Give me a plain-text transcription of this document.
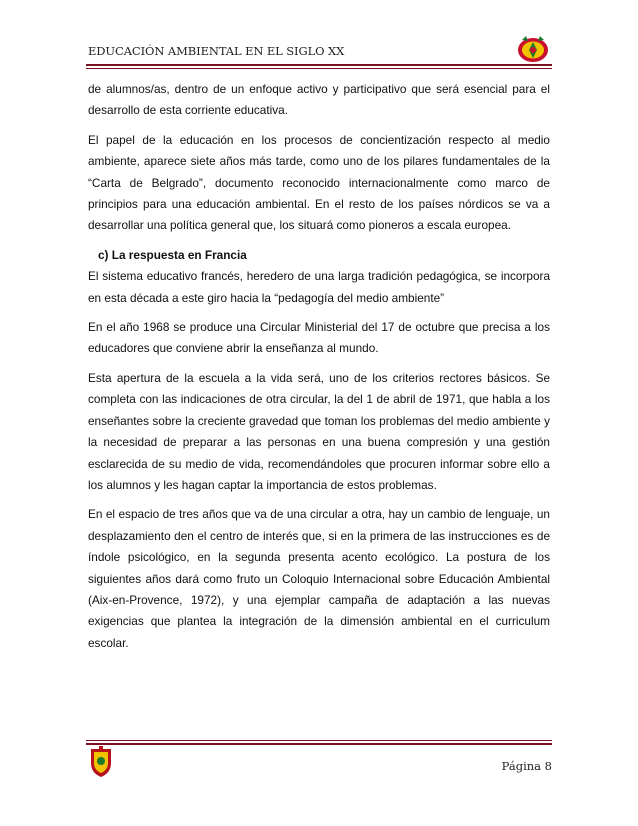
EDUCACIÓN AMBIENTAL EN EL SIGLO XX

de alumnos/as, dentro de un enfoque activo y participativo que será esencial para el desarrollo de esta corriente educativa.

El papel de la educación en los procesos de concientización respecto al medio ambiente, aparece siete años más tarde, como uno de los pilares fundamentales de la “Carta de Belgrado”, documento reconocido internacionalmente como marco de principios para una educación ambiental. En el resto de los países nórdicos se va a desarrollar una política general que, los situará como pioneros a escala europea.

c) La respuesta en Francia

El sistema educativo francés, heredero de una larga tradición pedagógica, se incorpora en esta década a este giro hacia la “pedagogía del medio ambiente”

En el año 1968 se produce una Circular Ministerial del 17 de octubre que precisa a los educadores que conviene abrir la enseñanza al mundo.

Esta apertura de la escuela a la vida será, uno de los criterios rectores básicos. Se completa con las indicaciones de otra circular, la del 1 de abril de 1971, que habla a los enseñantes sobre la creciente gravedad que toman los problemas del medio ambiente y la necesidad de preparar a las personas en una buena compresión y una gestión esclarecida de su medio de vida, recomendándoles que procuren informar sobre ello a los alumnos y les hagan captar la importancia de estos problemas.

En el espacio de tres años que va de una circular a otra, hay un cambio de lenguaje, un desplazamiento den el centro de interés que, si en la primera de las instrucciones es de índole psicológico, en la segunda presenta acento ecológico. La postura de los siguientes años dará como fruto un Coloquio Internacional sobre Educación Ambiental (Aix-en-Provence, 1972), y una ejemplar campaña de adaptación a las nuevas exigencias que plantea la integración de la dimensión ambiental en el curriculum escolar.

Página 8
